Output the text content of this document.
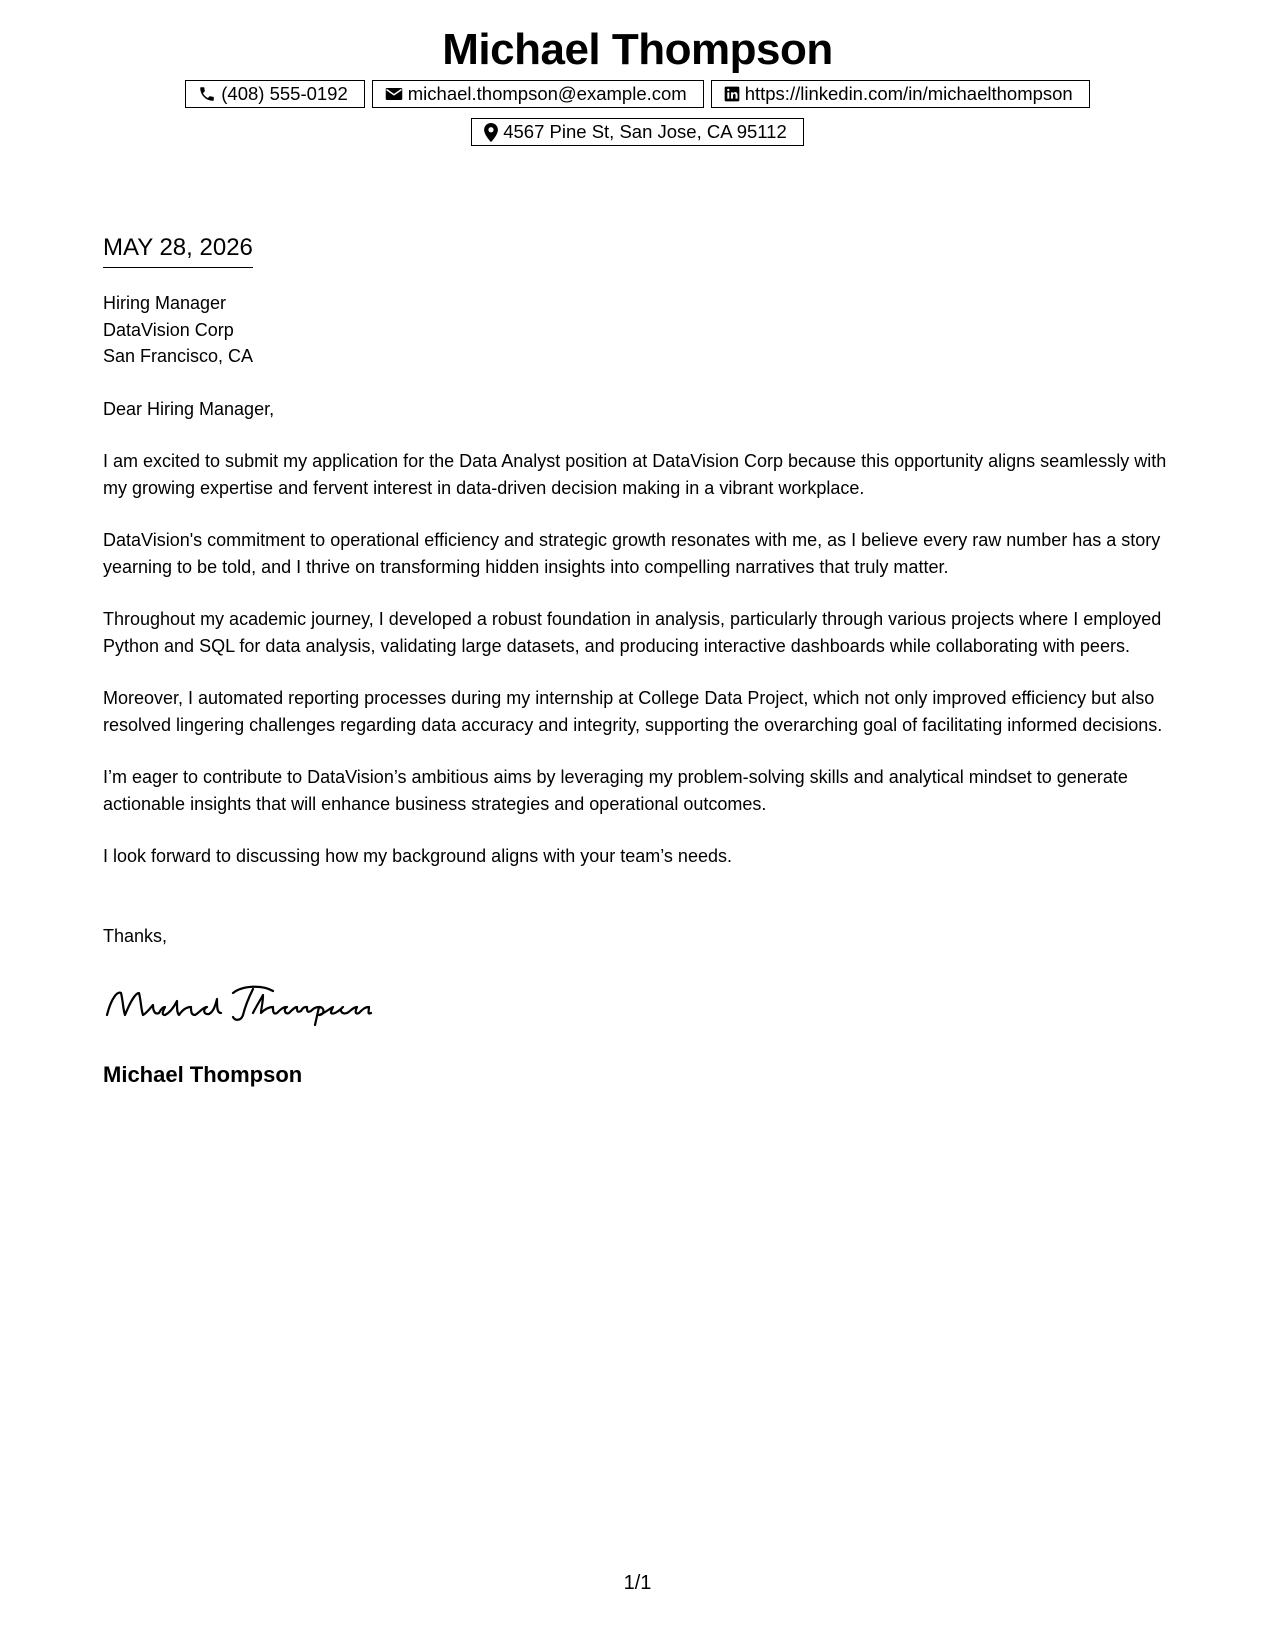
Michael Thompson
(408) 555-0192	michael.thompson@example.com	https://linkedin.com/in/michaelthompson
4567 Pine St, San Jose, CA 95112
MAY 28, 2026
Hiring Manager
DataVision Corp
San Francisco, CA
Dear Hiring Manager,

I am excited to submit my application for the Data Analyst position at DataVision Corp because this opportunity aligns seamlessly with my growing expertise and fervent interest in data-driven decision making in a vibrant workplace.

DataVision's commitment to operational efficiency and strategic growth resonates with me, as I believe every raw number has a story yearning to be told, and I thrive on transforming hidden insights into compelling narratives that truly matter.

Throughout my academic journey, I developed a robust foundation in analysis, particularly through various projects where I employed Python and SQL for data analysis, validating large datasets, and producing interactive dashboards while collaborating with peers.

Moreover, I automated reporting processes during my internship at College Data Project, which not only improved efficiency but also resolved lingering challenges regarding data accuracy and integrity, supporting the overarching goal of facilitating informed decisions.

I’m eager to contribute to DataVision’s ambitious aims by leveraging my problem-solving skills and analytical mindset to generate actionable insights that will enhance business strategies and operational outcomes.

I look forward to discussing how my background aligns with your team’s needs.

Thanks,
Michael Thompson
1/1
